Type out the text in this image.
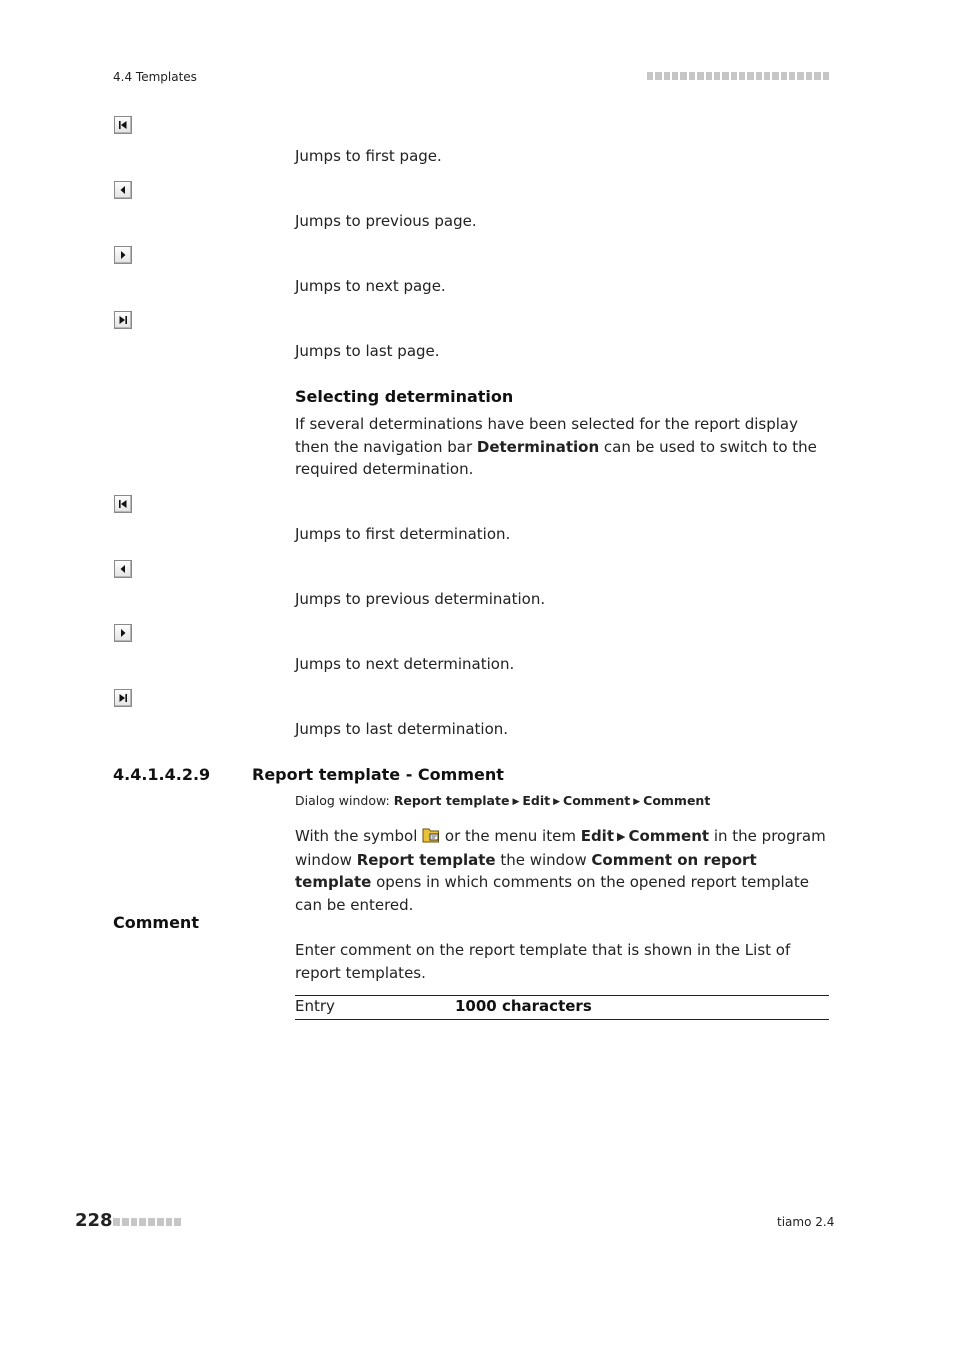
4.4 Templates
Jumps to first page.
Jumps to previous page.
Jumps to next page.
Jumps to last page.
Selecting determination
If several determinations have been selected for the report display then the navigation bar Determination can be used to switch to the required determination.
Jumps to first determination.
Jumps to previous determination.
Jumps to next determination.
Jumps to last determination.
4.4.1.4.2.9	Report template - Comment
Dialog window: Report template ▶ Edit ▶ Comment ▶ Comment
With the symbol  or the menu item Edit ▶ Comment in the program window Report template the window Comment on report template opens in which comments on the opened report template can be entered.
Comment
Enter comment on the report template that is shown in the List of report templates.
Entry	1000 characters
228	tiamo 2.4
